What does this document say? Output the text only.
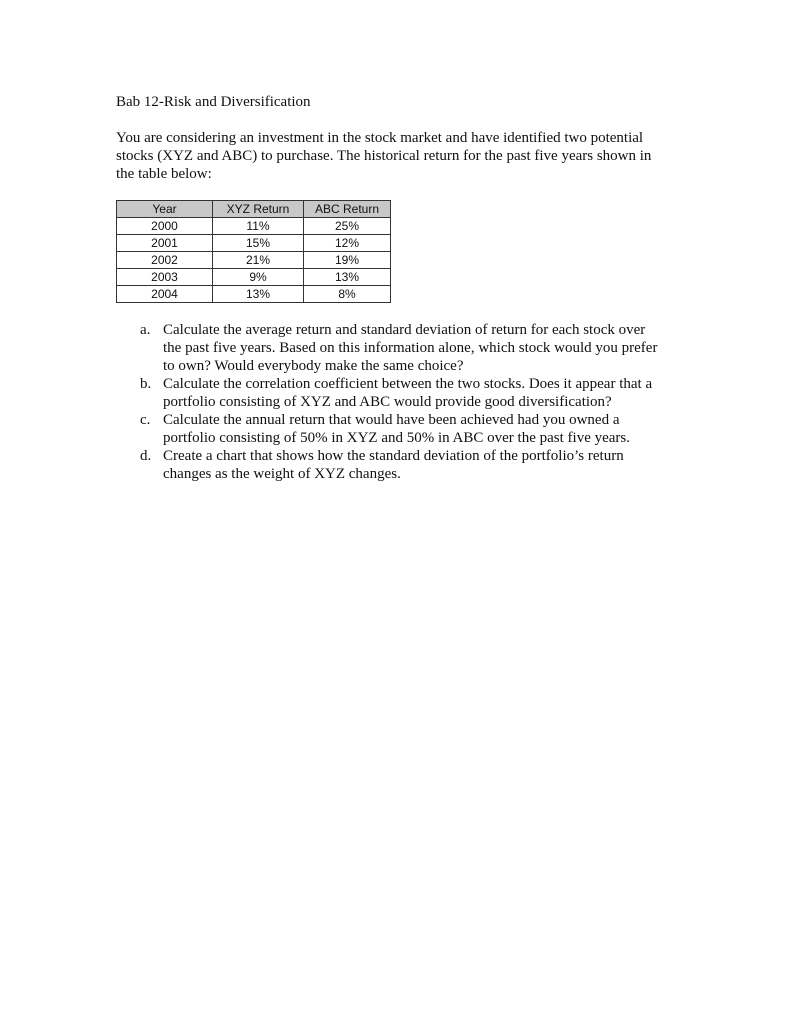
Bab 12-Risk and Diversification

You are considering an investment in the stock market and have identified two potential
stocks (XYZ and ABC) to purchase. The historical return for the past five years shown in
the table below:

Year	XYZ Return	ABC Return
2000	11%	25%
2001	15%	12%
2002	21%	19%
2003	9%	13%
2004	13%	8%
a. Calculate the average return and standard deviation of return for each stock over
the past five years. Based on this information alone, which stock would you prefer
to own? Would everybody make the same choice?
b. Calculate the correlation coefficient between the two stocks. Does it appear that a
portfolio consisting of XYZ and ABC would provide good diversification?
c. Calculate the annual return that would have been achieved had you owned a
portfolio consisting of 50% in XYZ and 50% in ABC over the past five years.
d. Create a chart that shows how the standard deviation of the portfolio’s return
changes as the weight of XYZ changes.
